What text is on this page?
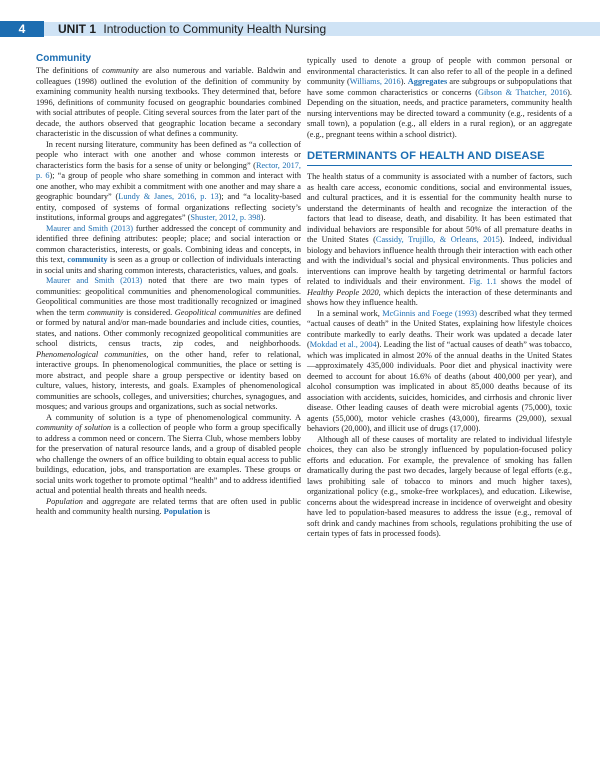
4	UNIT 1 Introduction to Community Health Nursing
Community

The definitions of community are also numerous and variable. Baldwin and colleagues (1998) outlined the evolution of the definition of community by examining community health nursing textbooks. They determined that, before 1996, definitions of community focused on geographic boundaries combined with social attributes of people. Citing several sources from the later part of the decade, the authors observed that geographic location became a secondary characteristic in the discussion of what defines a community.

In recent nursing literature, community has been defined as “a collection of people who interact with one another and whose common interests or characteristics form the basis for a sense of unity or belonging” (Rector, 2017, p. 6); “a group of people who share something in common and interact with one another, who may exhibit a commitment with one another and may share a geographic boundary” (Lundy & Janes, 2016, p. 13); and “a locality-based entity, composed of systems of formal organizations reflecting society’s institutions, informal groups and aggregates” (Shuster, 2012, p. 398).

Maurer and Smith (2013) further addressed the concept of community and identified three defining attributes: people; place; and social interaction or common characteristics, interests, or goals. Combining ideas and concepts, in this text, community is seen as a group or collection of individuals interacting in social units and sharing common interests, characteristics, values, and goals.

Maurer and Smith (2013) noted that there are two main types of communities: geopolitical communities and phenomenological communities. Geopolitical communities are those most traditionally recognized or imagined when the term community is considered. Geopolitical communities are defined or formed by natural and/or man-made boundaries and include cities, counties, states, and nations. Other commonly recognized geopolitical communities are school districts, census tracts, zip codes, and neighborhoods. Phenomenological communities, on the other hand, refer to relational, interactive groups. In phenomenological communities, the place or setting is more abstract, and people share a group perspective or identity based on culture, values, history, interests, and goals. Examples of phenomenological communities are schools, colleges, and universities; churches, synagogues, and mosques; and various groups and organizations, such as social networks.

A community of solution is a type of phenomenological community. A community of solution is a collection of people who form a group specifically to address a common need or concern. The Sierra Club, whose members lobby for the preservation of natural resource lands, and a group of disabled people who challenge the owners of an office building to obtain equal access to public buildings, education, jobs, and transportation are examples. These groups or social units work together to promote optimal “health” and to address identified actual and potential health threats and health needs.

Population and aggregate are related terms that are often used in public health and community health nursing. Population is

typically used to denote a group of people with common personal or environmental characteristics. It can also refer to all of the people in a defined community (Williams, 2016). Aggregates are subgroups or subpopulations that have some common characteristics or concerns (Gibson & Thatcher, 2016). Depending on the situation, needs, and practice parameters, community health nursing interventions may be directed toward a community (e.g., residents of a small town), a population (e.g., all elders in a rural region), or an aggregate (e.g., pregnant teens within a school district).

DETERMINANTS OF HEALTH AND DISEASE

The health status of a community is associated with a number of factors, such as health care access, economic conditions, social and environmental issues, and cultural practices, and it is essential for the community health nurse to understand the determinants of health and recognize the interaction of the factors that lead to disease, death, and disability. It has been estimated that individual behaviors are responsible for about 50% of all premature deaths in the United States (Cassidy, Trujillo, & Orleans, 2015). Indeed, individual biology and behaviors influence health through their interaction with each other and with the individual’s social and physical environments. Thus policies and interventions can improve health by targeting detrimental or harmful factors related to individuals and their environment. Fig. 1.1 shows the model of Healthy People 2020, which depicts the interaction of these determinants and shows how they influence health.

In a seminal work, McGinnis and Foege (1993) described what they termed “actual causes of death” in the United States, explaining how lifestyle choices contribute markedly to early deaths. Their work was updated a decade later (Mokdad et al., 2004). Leading the list of “actual causes of death” was tobacco, which was implicated in almost 20% of the annual deaths in the United States—approximately 435,000 individuals. Poor diet and physical inactivity were deemed to account for about 16.6% of deaths (about 400,000 per year), and alcohol consumption was implicated in about 85,000 deaths because of its association with accidents, suicides, homicides, and cirrhosis and chronic liver disease. Other leading causes of death were microbial agents (75,000), toxic agents (55,000), motor vehicle crashes (43,000), firearms (29,000), sexual behaviors (20,000), and illicit use of drugs (17,000).

Although all of these causes of mortality are related to individual lifestyle choices, they can also be strongly influenced by population-focused policy efforts and education. For example, the prevalence of smoking has fallen dramatically during the past two decades, largely because of legal efforts (e.g., laws prohibiting sale of tobacco to minors and much higher taxes), organizational policy (e.g., smoke-free workplaces), and education. Likewise, concerns about the widespread increase in incidence of overweight and obesity have led to population-based measures to address the issue (e.g., removal of soft drink and candy machines from schools, regulations prohibiting the use of certain types of fats in processed foods).
